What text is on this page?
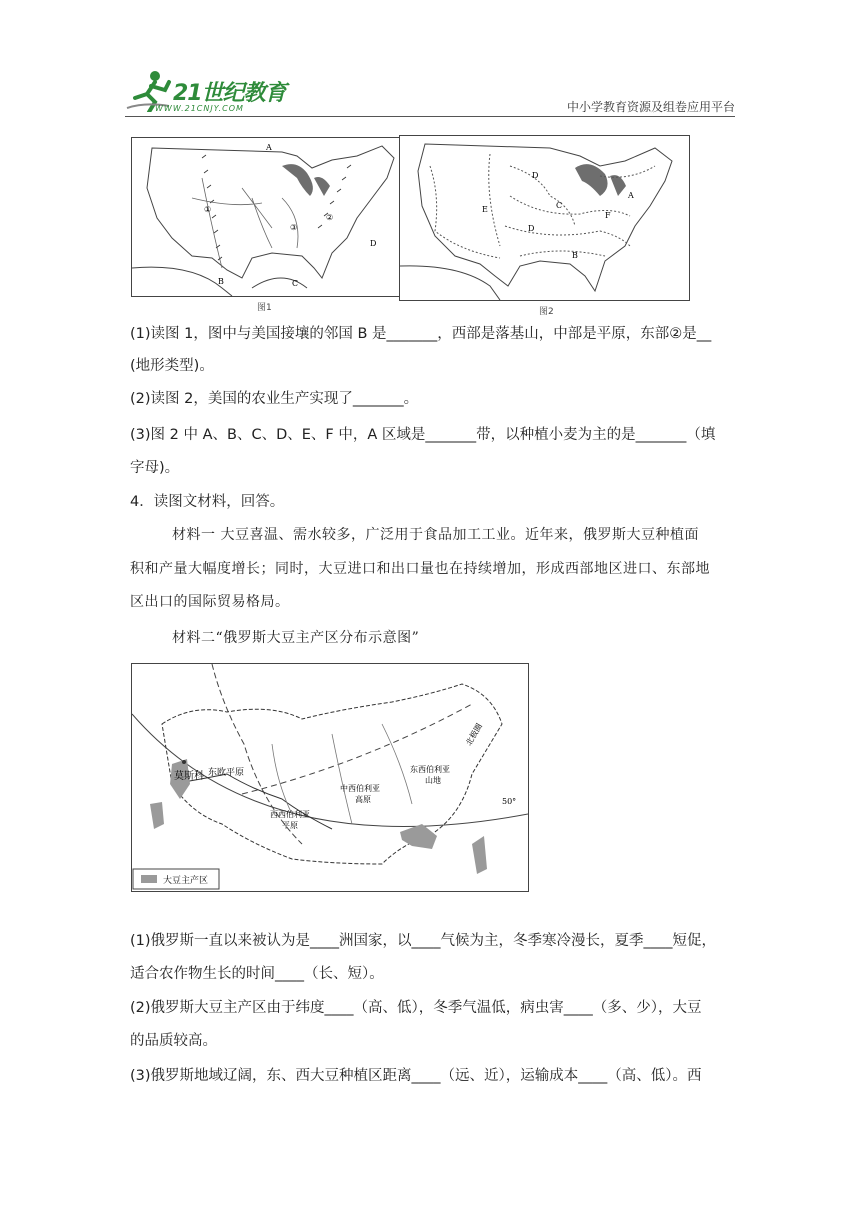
21世纪教育
WWW.21CNJY.COM	中小学教育资源及组卷应用平台
A
B	C
D
①
②
③
图1
D
E	C
D
F
A
B
图2
(1)读图 1，图中与美国接壤的邻国 B 是_______，西部是落基山，中部是平原，东部②是__
(地形类型)。
(2)读图 2，美国的农业生产实现了_______。
(3)图 2 中 A、B、C、D、E、F 中，A 区域是_______带，以种植小麦为主的是_______（填
字母)。
4．读图文材料，回答。
材料一 大豆喜温、需水较多，广泛用于食品加工工业。近年来，俄罗斯大豆种植面
积和产量大幅度增长；同时，大豆进口和出口量也在持续增加，形成西部地区进口、东部地
区出口的国际贸易格局。
材料二“俄罗斯大豆主产区分布示意图”
莫斯科 东欧平原
西西伯利亚
平原
中西伯利亚
高原
东西伯利亚
山地
北极圈
50°
大豆主产区
(1)俄罗斯一直以来被认为是____洲国家，以____气候为主，冬季寒冷漫长，夏季____短促，
适合农作物生长的时间____（长、短）。
(2)俄罗斯大豆主产区由于纬度____（高、低），冬季气温低，病虫害____（多、少），大豆
的品质较高。
(3)俄罗斯地域辽阔，东、西大豆种植区距离____（远、近），运输成本____（高、低）。西
